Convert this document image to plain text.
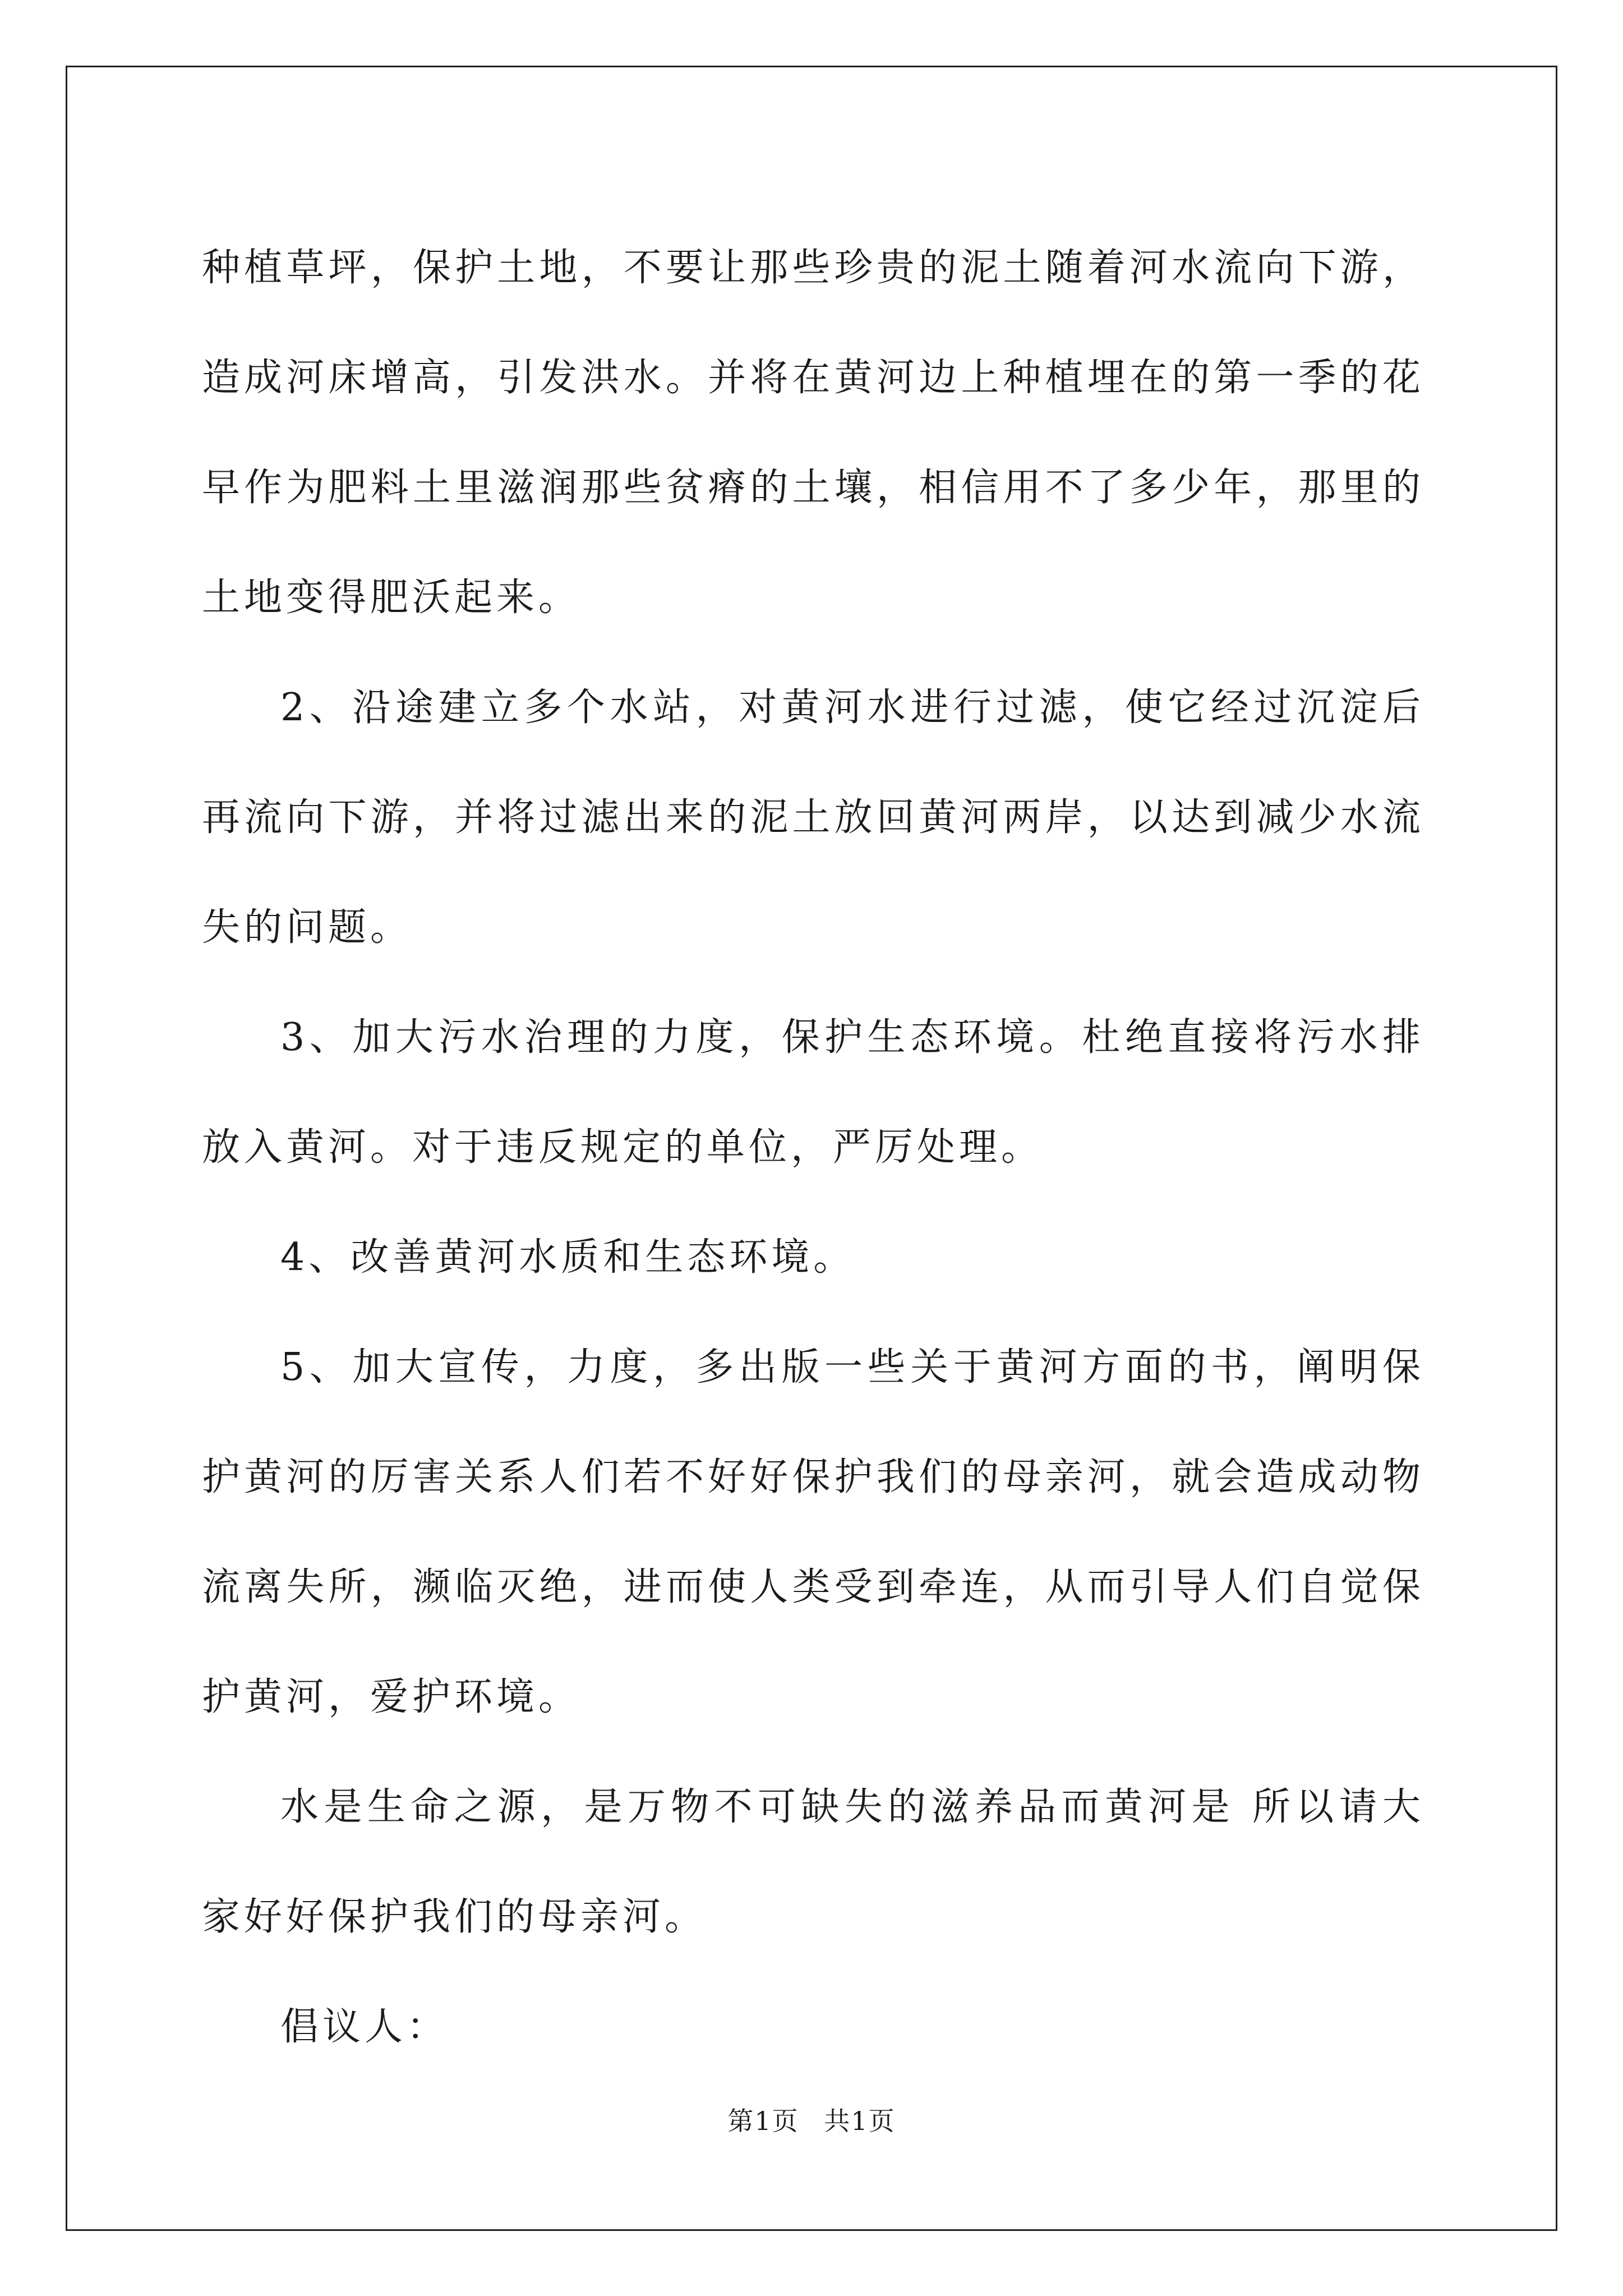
种植草坪，保护土地，不要让那些珍贵的泥土随着河水流向下游，造成河床增高，引发洪水。并将在黄河边上种植埋在的第一季的花早作为肥料土里滋润那些贫瘠的土壤，相信用不了多少年，那里的土地变得肥沃起来。

2、沿途建立多个水站，对黄河水进行过滤，使它经过沉淀后再流向下游，并将过滤出来的泥土放回黄河两岸，以达到减少水流失的问题。

3、加大污水治理的力度，保护生态环境。杜绝直接将污水排放入黄河。对于违反规定的单位，严厉处理。

4、改善黄河水质和生态环境。

5、加大宣传，力度，多出版一些关于黄河方面的书，阐明保护黄河的厉害关系人们若不好好保护我们的母亲河，就会造成动物流离失所，濒临灭绝，进而使人类受到牵连，从而引导人们自觉保护黄河，爱护环境。

水是生命之源，是万物不可缺失的滋养品而黄河是 所以请大家好好保护我们的母亲河。

倡议人：

第1页 共1页
